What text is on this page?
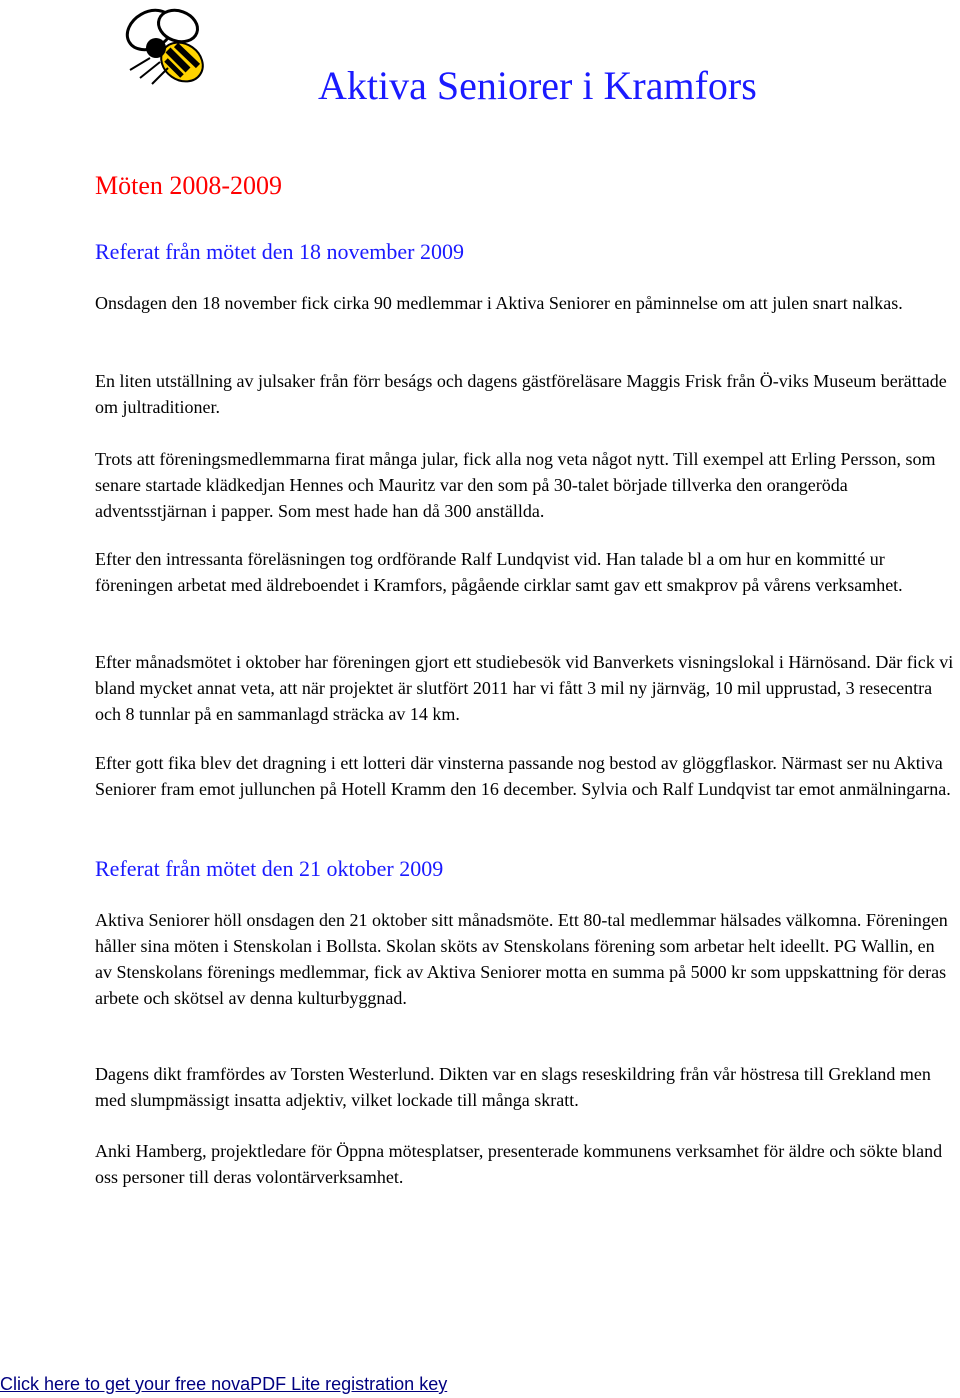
Aktiva Seniorer i Kramfors
Möten 2008-2009
Referat från mötet den 18 november 2009

Onsdagen den 18 november fick cirka 90 medlemmar i Aktiva Seniorer en påminnelse om att julen snart nalkas.

En liten utställning av julsaker från förr beságs och dagens gästföreläsare Maggis Frisk från Ö-viks Museum berättade om jultraditioner.

Trots att föreningsmedlemmarna firat många jular, fick alla nog veta något nytt. Till exempel att Erling Persson, som senare startade klädkedjan Hennes och Mauritz var den som på 30-talet började tillverka den orangeröda adventsstjärnan i papper. Som mest hade han då 300 anställda.

Efter den intressanta föreläsningen tog ordförande Ralf Lundqvist vid. Han talade bl a om hur en kommitté ur föreningen arbetat med äldreboendet i Kramfors, pågående cirklar samt gav ett smakprov på vårens verksamhet.

Efter månadsmötet i oktober har föreningen gjort ett studiebesök vid Banverkets visningslokal i Härnösand. Där fick vi bland mycket annat veta, att när projektet är slutfört 2011 har vi fått 3 mil ny järnväg, 10 mil upprustad, 3 resecentra och 8 tunnlar på en sammanlagd sträcka av 14 km.

Efter gott fika blev det dragning i ett lotteri där vinsterna passande nog bestod av glöggflaskor. Närmast ser nu Aktiva Seniorer fram emot jullunchen på Hotell Kramm den 16 december. Sylvia och Ralf Lundqvist tar emot anmälningarna.

Referat från mötet den 21 oktober 2009

Aktiva Seniorer höll onsdagen den 21 oktober sitt månadsmöte. Ett 80-tal medlemmar hälsades välkomna. Föreningen håller sina möten i Stenskolan i Bollsta. Skolan sköts av Stenskolans förening som arbetar helt ideellt. PG Wallin, en av Stenskolans förenings medlemmar, fick av Aktiva Seniorer motta en summa på 5000 kr som uppskattning för deras arbete och skötsel av denna kulturbyggnad.

Dagens dikt framfördes av Torsten Westerlund. Dikten var en slags reseskildring från vår höstresa till Grekland men med slumpmässigt insatta adjektiv, vilket lockade till många skratt.

Anki Hamberg, projektledare för Öppna mötesplatser, presenterade kommunens verksamhet för äldre och sökte bland oss personer till deras volontärverksamhet.

Click here to get your free novaPDF Lite registration key
